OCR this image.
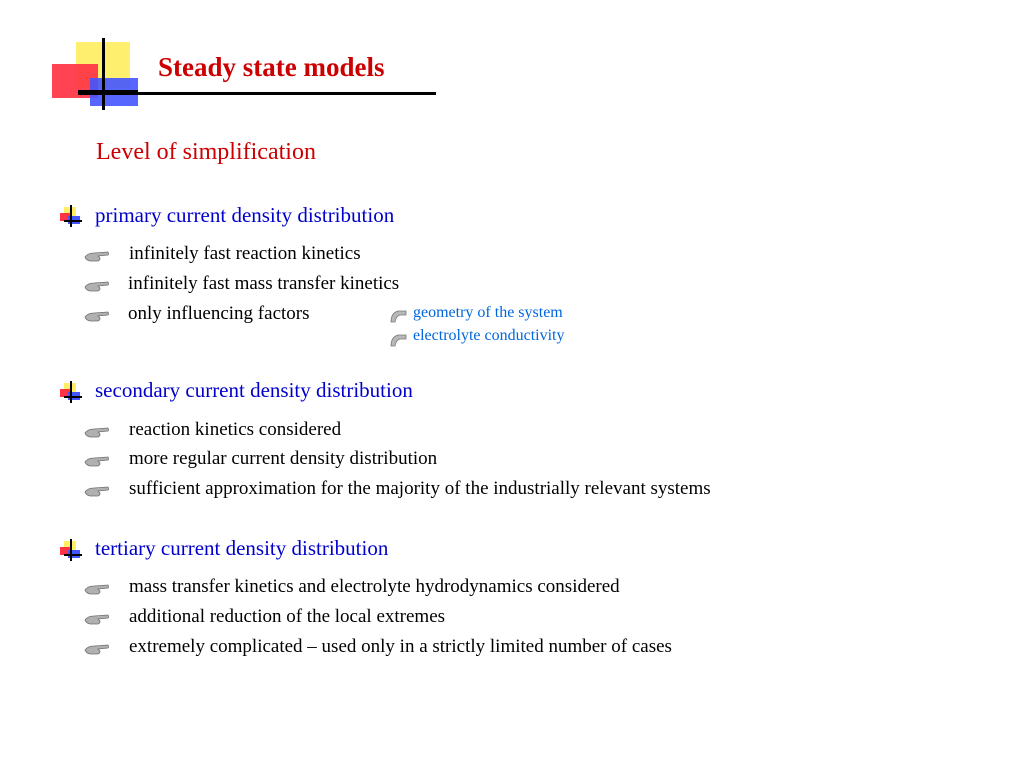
Steady state models
Level of simplification
primary current density distribution
infinitely fast reaction kinetics
infinitely fast mass transfer kinetics
only influencing factors	geometry of the system
electrolyte conductivity
secondary current density distribution
reaction kinetics considered
more regular current density distribution
sufficient approximation for the majority of the industrially relevant systems
tertiary current density distribution
mass transfer kinetics and electrolyte hydrodynamics considered
additional reduction of the local extremes
extremely complicated – used only in a strictly limited number of cases
